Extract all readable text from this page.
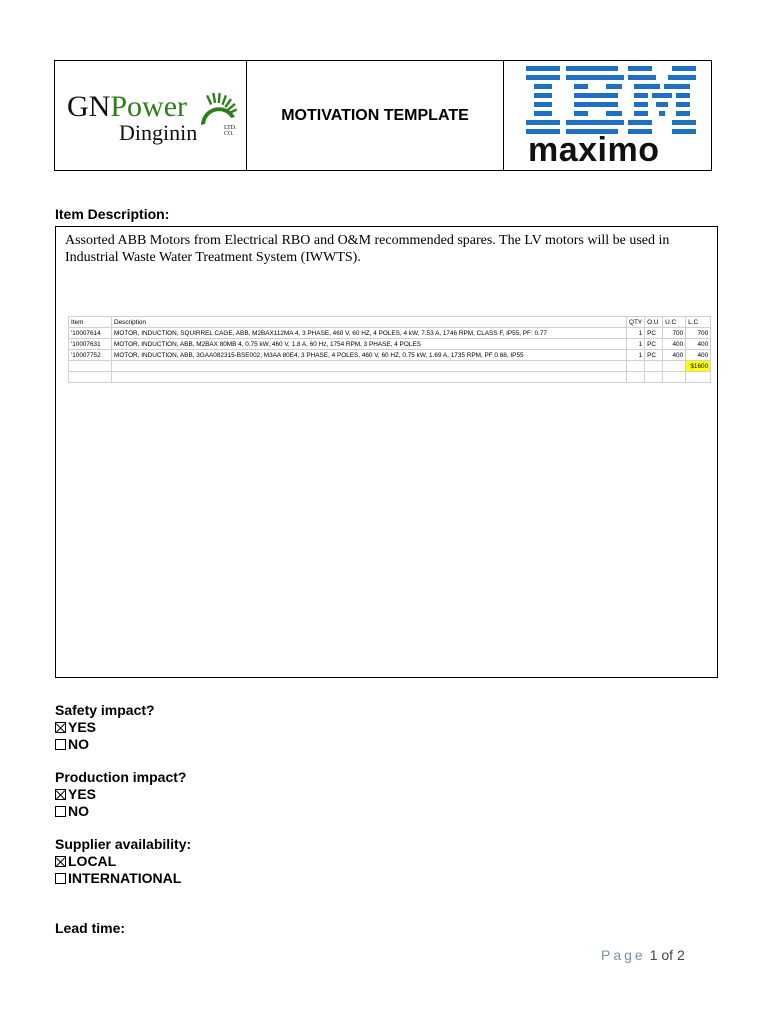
GNPower
Dinginin	LTD. CO.
MOTIVATION TEMPLATE
maximo
Item Description:
Assorted ABB Motors from Electrical RBO and O&M recommended spares. The LV motors will be used in Industrial Waste Water Treatment System (IWWTS).
Item	Description	QTY	O.U	U.C	L.C
'10007614	MOTOR, INDUCTION, SQUIRREL CAGE, ABB, M2BAX112MA 4, 3 PHASE, 460 V, 60 HZ, 4 POLES, 4 kW, 7.53 A, 1746 RPM, CLASS F, IP55, PF: 0.77	1	PC	700	700
'10007631	MOTOR, INDUCTION, ABB, M2BAX 80MB 4, 0.75 kW, 460 V, 1.8 A, 60 Hz, 1754 RPM, 3 PHASE, 4 POLES	1	PC	400	400
'10007752	MOTOR, INDUCTION, ABB, 3GAA082315-BSE002, M3AA 80E4, 3 PHASE, 4 POLES, 460 V, 60 HZ, 0.75 kW, 1.69 A, 1735 RPM, PF 0.68, IP55	1	PC	400	400
					$1600

Safety impact?
YES
NO
Production impact?
YES
NO
Supplier availability:
LOCAL
INTERNATIONAL
Lead time:
Page 1 of 2
